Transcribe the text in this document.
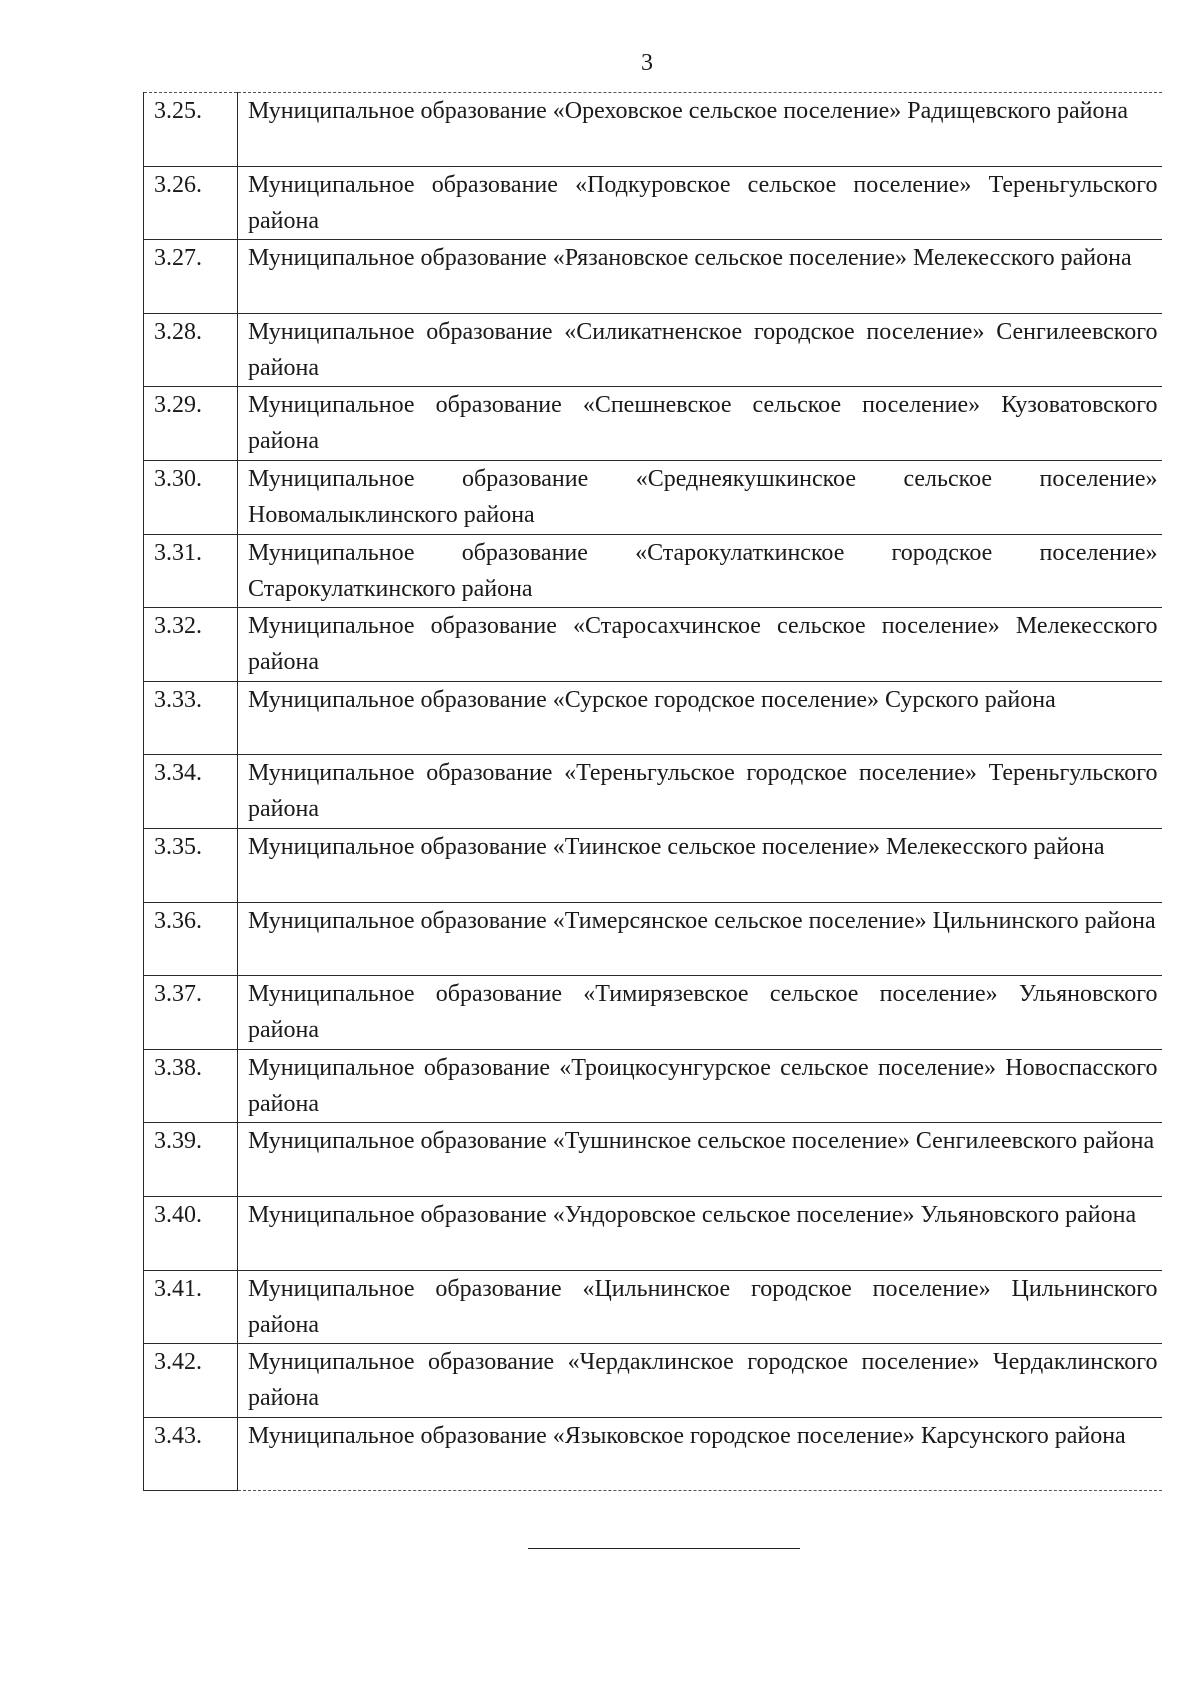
3
3.25.	Муниципальное образование «Ореховское сельское поселение» Радищевского района
3.26.	Муниципальное образование «Подкуровское сельское поселение» Тереньгульского района
3.27.	Муниципальное образование «Рязановское сельское поселение» Мелекесского района
3.28.	Муниципальное образование «Силикатненское городское поселение» Сенгилеевского района
3.29.	Муниципальное образование «Спешневское сельское поселение» Кузоватовского района
3.30.	Муниципальное образование «Среднеякушкинское сельское поселение» Новомалыклинского района
3.31.	Муниципальное образование «Старокулаткинское городское поселение» Старокулаткинского района
3.32.	Муниципальное образование «Старосахчинское сельское поселение» Мелекесского района
3.33.	Муниципальное образование «Сурское городское поселение» Сурского района
3.34.	Муниципальное образование «Тереньгульское городское поселение» Тереньгульского района
3.35.	Муниципальное образование «Тиинское сельское поселение» Мелекесского района
3.36.	Муниципальное образование «Тимерсянское сельское поселение» Цильнинского района
3.37.	Муниципальное образование «Тимирязевское сельское поселение» Ульяновского района
3.38.	Муниципальное образование «Троицкосунгурское сельское поселение» Новоспасского района
3.39.	Муниципальное образование «Тушнинское сельское поселение» Сенгилеевского района
3.40.	Муниципальное образование «Ундоровское сельское поселение» Ульяновского района
3.41.	Муниципальное образование «Цильнинское городское поселение» Цильнинского района
3.42.	Муниципальное образование «Чердаклинское городское поселение» Чердаклинского района
3.43.	Муниципальное образование «Языковское городское поселение» Карсунского района
